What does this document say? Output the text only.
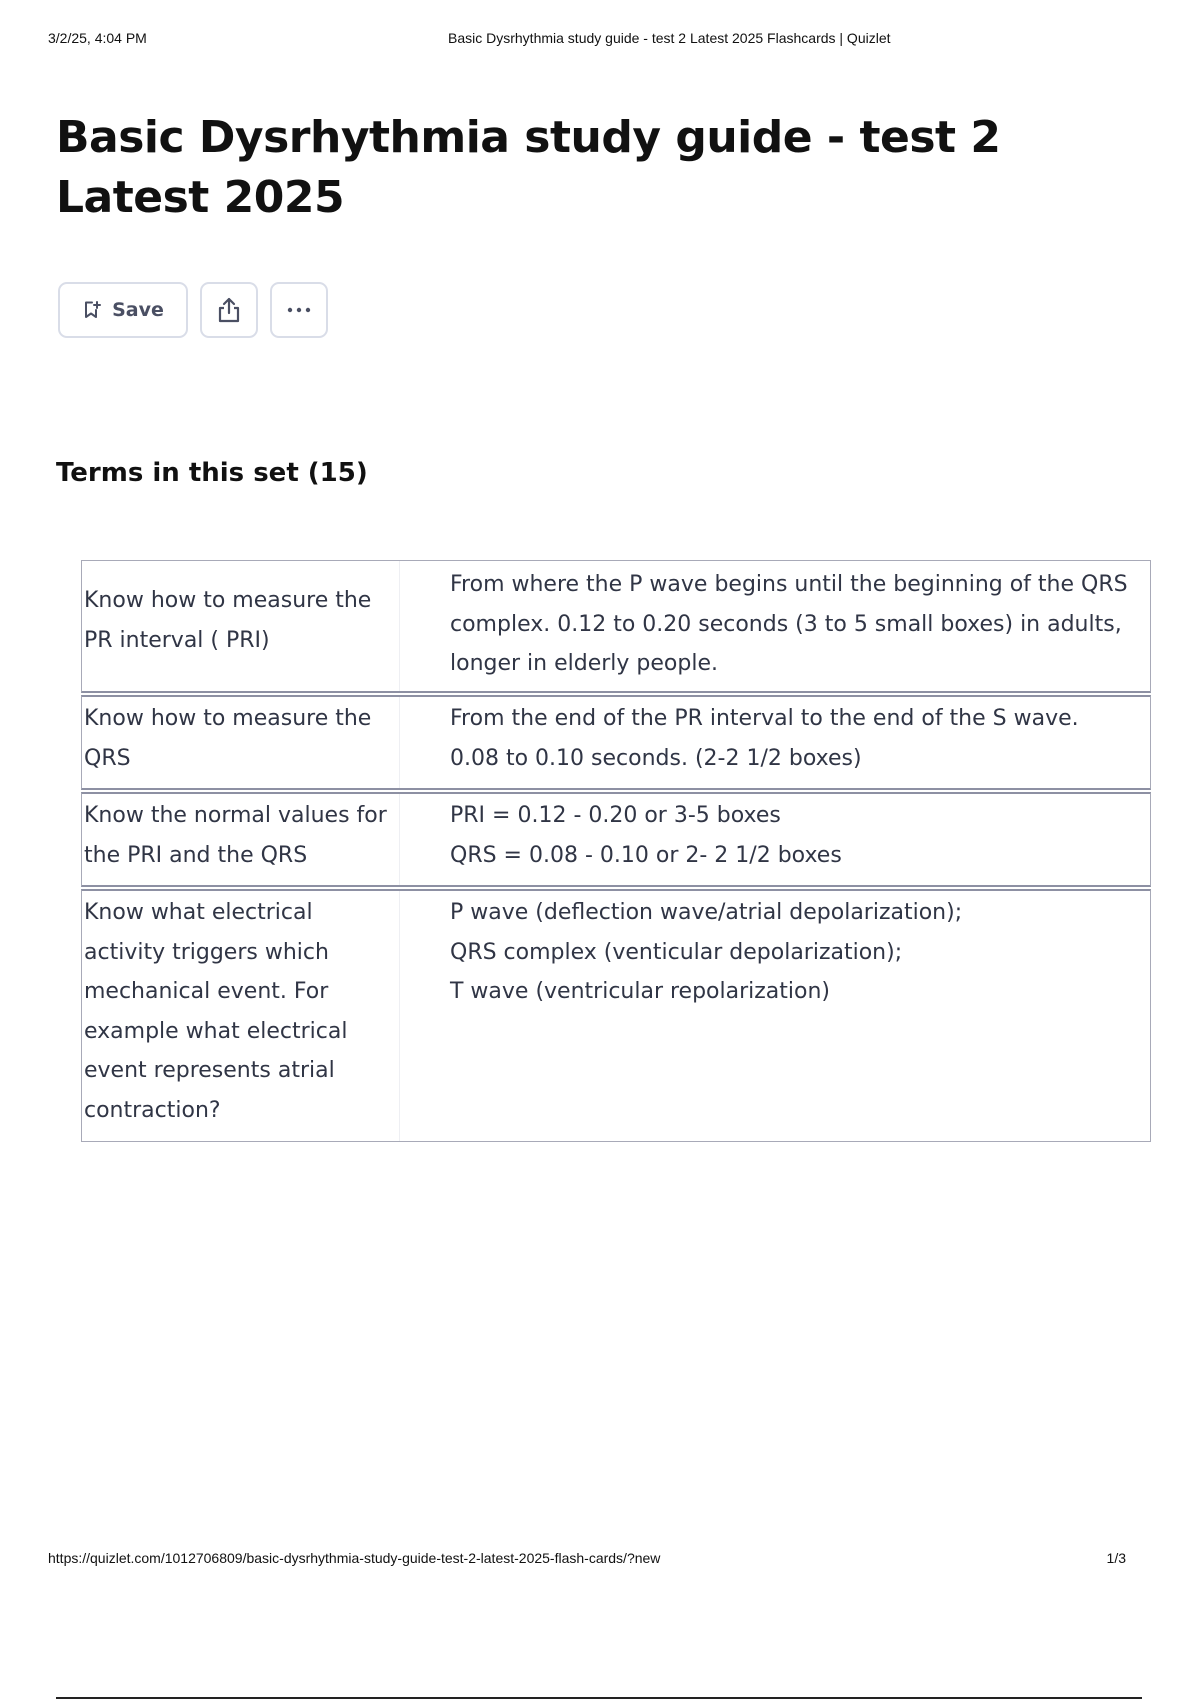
3/2/25, 4:04 PM	Basic Dysrhythmia study guide - test 2 Latest 2025 Flashcards | Quizlet
Basic Dysrhythmia study guide - test 2 Latest 2025
Save
Terms in this set (15)
Know how to measure the PR interval ( PRI)
From where the P wave begins until the beginning of the QRS complex. 0.12 to 0.20 seconds (3 to 5 small boxes) in adults, longer in elderly people.
Know how to measure the QRS
From the end of the PR interval to the end of the S wave. 0.08 to 0.10 seconds. (2-2 1/2 boxes)
Know the normal values for the PRI and the QRS
PRI = 0.12 - 0.20 or 3-5 boxes
QRS = 0.08 - 0.10 or 2- 2 1/2 boxes
Know what electrical activity triggers which mechanical event. For example what electrical event represents atrial contraction?
P wave (deflection wave/atrial depolarization);
QRS complex (venticular depolarization);
T wave (ventricular repolarization)
https://quizlet.com/1012706809/basic-dysrhythmia-study-guide-test-2-latest-2025-flash-cards/?new	1/3
